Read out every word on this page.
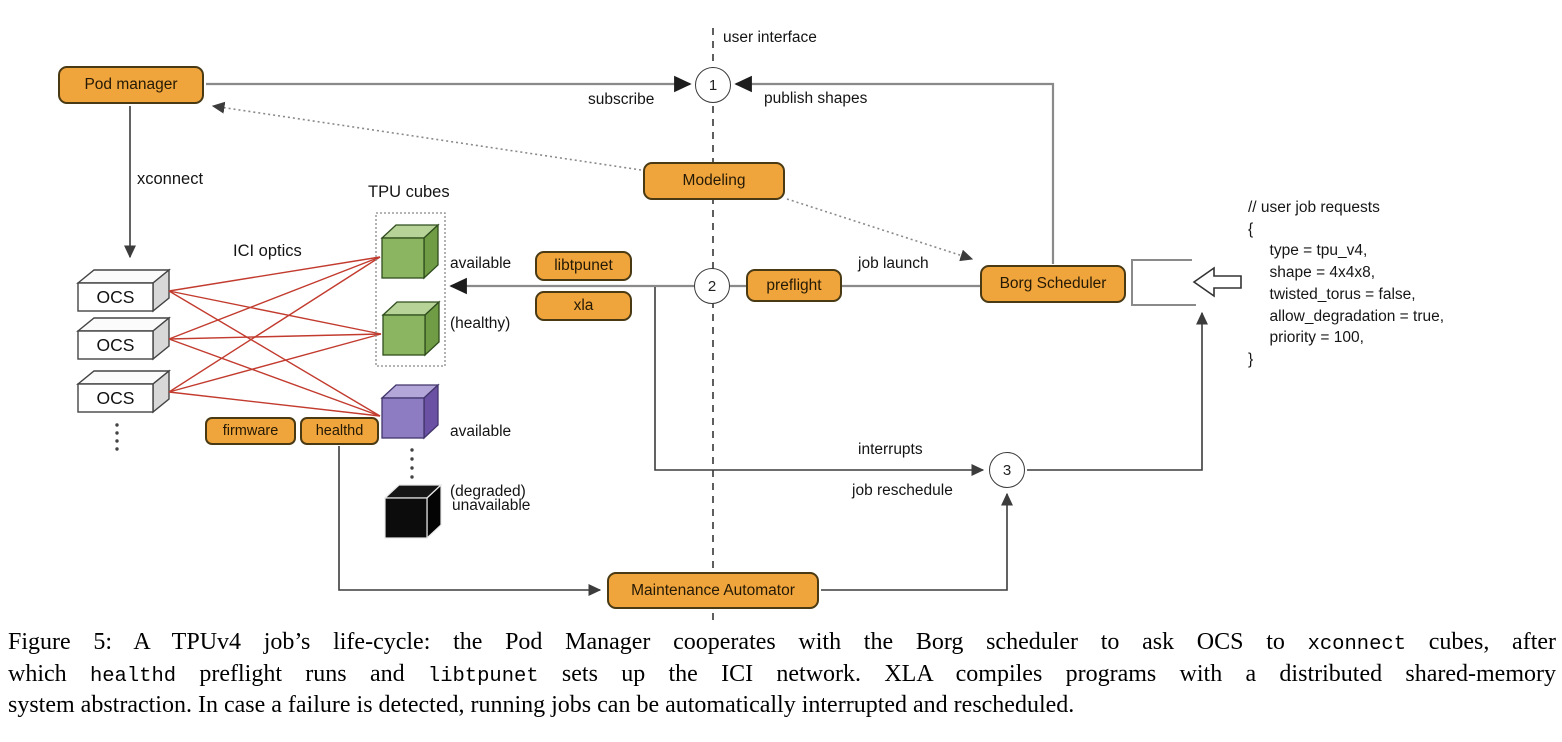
Pod manager
Modeling
libtpunet
xla
preflight	Borg Scheduler
firmware	healthd
Maintenance Automator
1
2
3
user interface
subscribe	publish shapes
xconnect
TPU cubes
ICI optics

available

(healthy)

available

(degraded)

unavailable
job launch
interrupts
job reschedule
OCS
OCS
OCS
// user job requests
{
type = tpu_v4,
shape = 4x4x8,
twisted_torus = false,
allow_degradation = true,
priority = 100,
}
Figure 5: A TPUv4 job’s life-cycle: the Pod Manager cooperates with the Borg scheduler to ask OCS to xconnect cubes, after
which healthd preflight runs and libtpunet sets up the ICI network. XLA compiles programs with a distributed shared-memory
system abstraction. In case a failure is detected, running jobs can be automatically interrupted and rescheduled.
